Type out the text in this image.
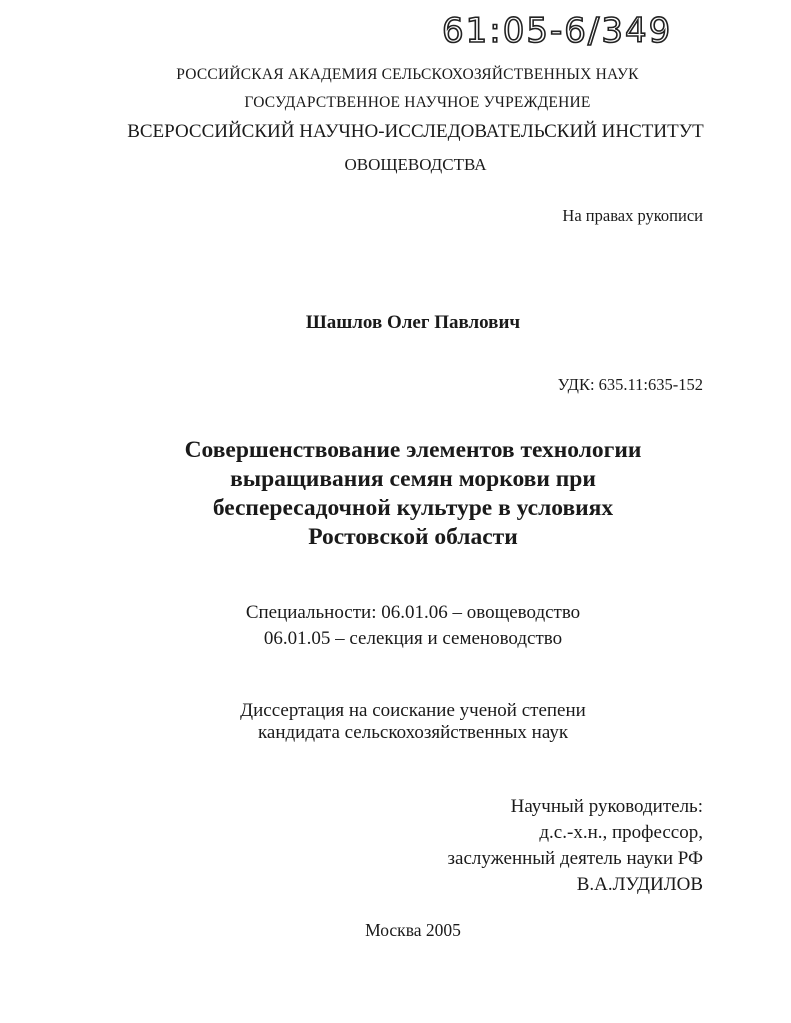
61:05-6/349
РОССИЙСКАЯ АКАДЕМИЯ СЕЛЬСКОХОЗЯЙСТВЕННЫХ НАУК
ГОСУДАРСТВЕННОЕ НАУЧНОЕ УЧРЕЖДЕНИЕ
ВСЕРОССИЙСКИЙ НАУЧНО-ИССЛЕДОВАТЕЛЬСКИЙ ИНСТИТУТ
ОВОЩЕВОДСТВА
На правах рукописи
Шашлов Олег Павлович
УДК: 635.11:635-152
Совершенствование элементов технологии
выращивания семян моркови при
беспересадочной культуре в условиях
Ростовской области
Специальности: 06.01.06 – овощеводство
06.01.05 – селекция и семеноводство
Диссертация на соискание ученой степени
кандидата сельскохозяйственных наук
Научный руководитель:
д.с.-х.н., профессор,
заслуженный деятель науки РФ
В.А.ЛУДИЛОВ
Москва 2005
